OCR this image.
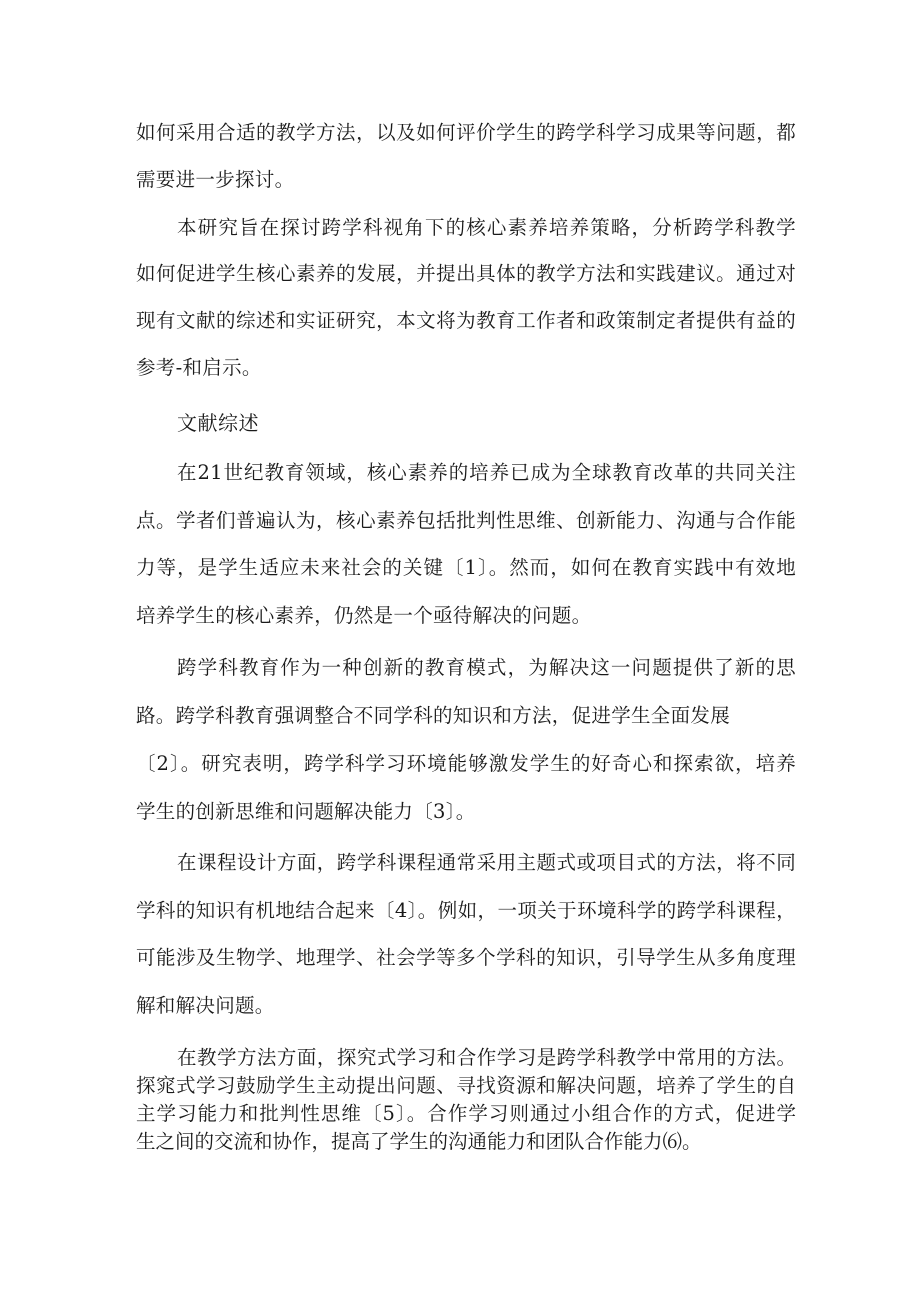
如何采用合适的教学方法，以及如何评价学生的跨学科学习成果等问题，都
需要进一步探讨。
本研究旨在探讨跨学科视角下的核心素养培养策略，分析跨学科教学
如何促进学生核心素养的发展，并提出具体的教学方法和实践建议。通过对
现有文献的综述和实证研究，本文将为教育工作者和政策制定者提供有益的
参考-和启示。
文献综述
在21世纪教育领域，核心素养的培养已成为全球教育改革的共同关注
点。学者们普遍认为，核心素养包括批判性思维、创新能力、沟通与合作能
力等，是学生适应未来社会的关键〔1〕。然而，如何在教育实践中有效地
培养学生的核心素养，仍然是一个亟待解决的问题。
跨学科教育作为一种创新的教育模式，为解决这一问题提供了新的思
路。跨学科教育强调整合不同学科的知识和方法，促进学生全面发展
〔2〕。研究表明，跨学科学习环境能够激发学生的好奇心和探索欲，培养
学生的创新思维和问题解决能力〔3〕。
在课程设计方面，跨学科课程通常采用主题式或项目式的方法，将不同
学科的知识有机地结合起来〔4〕。例如，一项关于环境科学的跨学科课程，
可能涉及生物学、地理学、社会学等多个学科的知识，引导学生从多角度理
解和解决问题。
在教学方法方面，探究式学习和合作学习是跨学科教学中常用的方法。
探窕式学习鼓励学生主动提出问题、寻找资源和解决问题，培养了学生的自
主学习能力和批判性思维〔5〕。合作学习则通过小组合作的方式，促进学
生之间的交流和协作，提高了学生的沟通能力和团队合作能力⑹。
